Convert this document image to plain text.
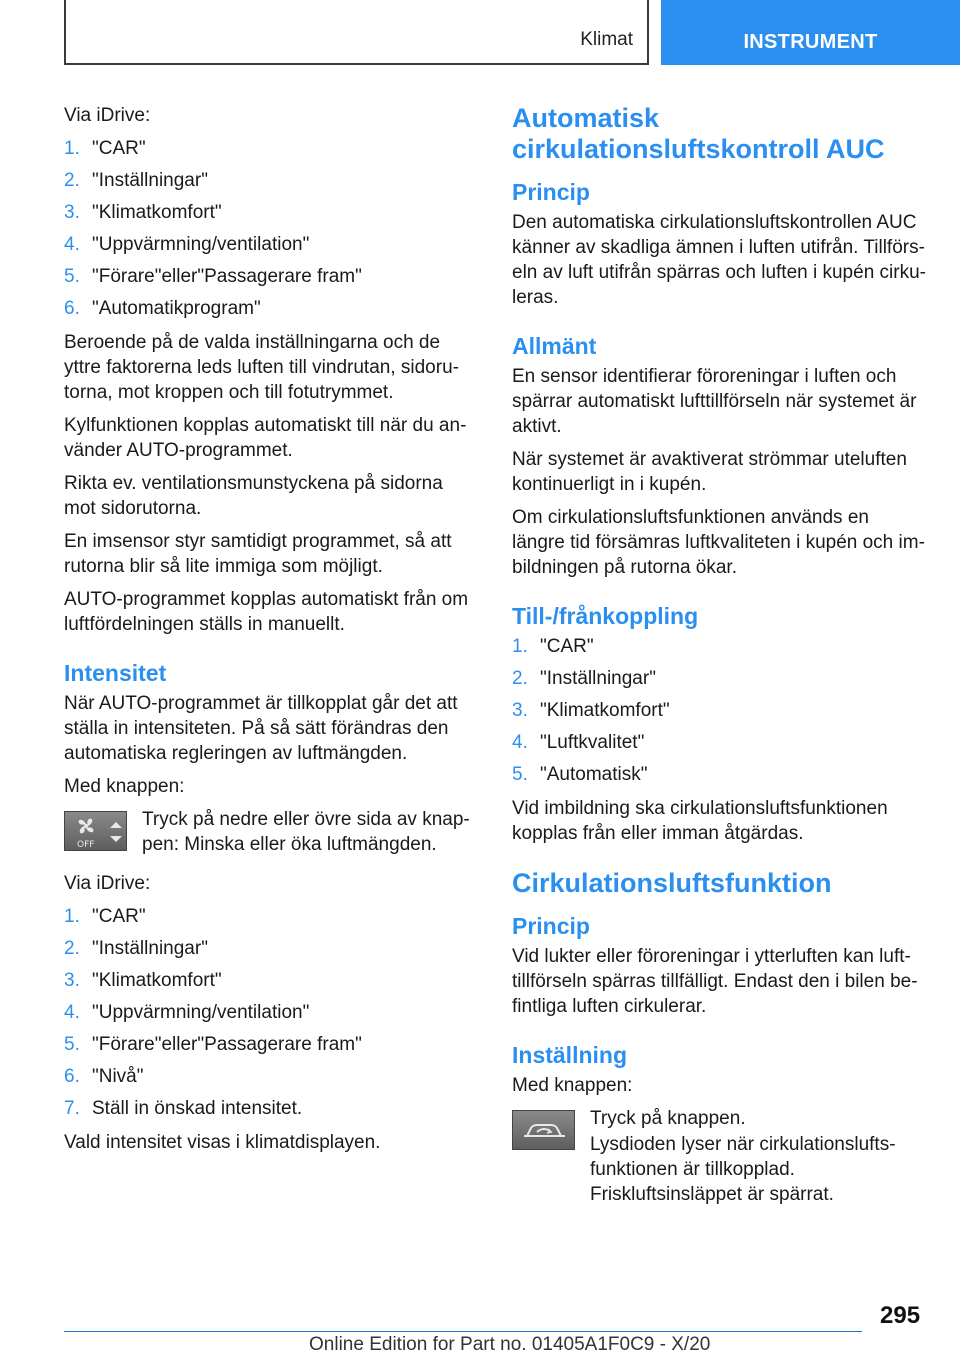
Klimat	INSTRUMENT

Via iDrive:

1. "CAR"
2. "Inställningar"
3. "Klimatkomfort"
4. "Uppvärmning/ventilation"
5. "Förare"eller"Passagerare fram"
6. "Automatikprogram"

Beroende på de valda inställningarna och de yttre faktorerna leds luften till vindrutan, sidorutorna, mot kroppen och till fotutrymmet.

Kylfunktionen kopplas automatiskt till när du använder AUTO-programmet.

Rikta ev. ventilationsmunstyckena på sidorna mot sidorutorna.

En imsensor styr samtidigt programmet, så att rutorna blir så lite immiga som möjligt.

AUTO-programmet kopplas automatiskt från om luftfördelningen ställs in manuellt.

Intensitet

När AUTO-programmet är tillkopplat går det att ställa in intensiteten. På så sätt förändras den automatiska regleringen av luftmängden.

Med knappen:

OFF
Tryck på nedre eller övre sida av knappen: Minska eller öka luftmängden.

Via iDrive:

1. "CAR"
2. "Inställningar"
3. "Klimatkomfort"
4. "Uppvärmning/ventilation"
5. "Förare"eller"Passagerare fram"
6. "Nivå"
7. Ställ in önskad intensitet.

Vald intensitet visas i klimatdisplayen.

Automatisk cirkulationsluftskontroll AUC
Princip

Den automatiska cirkulationsluftskontrollen AUC känner av skadliga ämnen i luften utifrån. Tillförseln av luft utifrån spärras och luften i kupén cirkuleras.

Allmänt

En sensor identifierar föroreningar i luften och spärrar automatiskt lufttillförseln när systemet är aktivt.

När systemet är avaktiverat strömmar uteluften kontinuerligt in i kupén.

Om cirkulationsluftsfunktionen används en längre tid försämras luftkvaliteten i kupén och imbildningen på rutorna ökar.

Till-/frånkoppling
1. "CAR"
2. "Inställningar"
3. "Klimatkomfort"
4. "Luftkvalitet"
5. "Automatisk"

Vid imbildning ska cirkulationsluftsfunktionen kopplas från eller imman åtgärdas.

Cirkulationsluftsfunktion
Princip

Vid lukter eller föroreningar i ytterluften kan lufttillförseln spärras tillfälligt. Endast den i bilen befintliga luften cirkulerar.

Inställning

Med knappen:

Tryck på knappen.

Lysdioden lyser när cirkulationsluftsfunktionen är tillkopplad. Friskluftsinsläppet är spärrat.

295
Online Edition for Part no. 01405A1F0C9 - X/20
